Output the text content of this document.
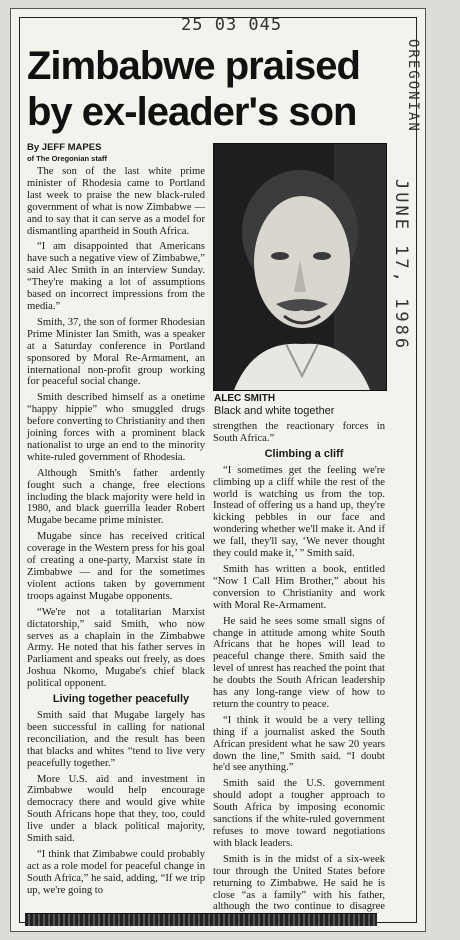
25 03 045
OREGONIAN
JUNE 17, 1986
Zimbabwe praised by ex-leader's son
By JEFF MAPES
of The Oregonian staff

The son of the last white prime minister of Rhodesia came to Portland last week to praise the new black-ruled government of what is now Zimbabwe — and to say that it can serve as a model for dismantling apartheid in South Africa.

“I am disappointed that Americans have such a negative view of Zimbabwe,” said Alec Smith in an interview Sunday. “They're making a lot of assumptions based on incorrect impressions from the media.”

Smith, 37, the son of former Rhodesian Prime Minister Ian Smith, was a speaker at a Saturday conference in Portland sponsored by Moral Re-Armament, an international non-profit group working for peaceful social change.

Smith described himself as a onetime “happy hippie” who smuggled drugs before converting to Christianity and then joining forces with a prominent black nationalist to urge an end to the minority white-ruled government of Rhodesia.

Although Smith's father ardently fought such a change, free elections including the black majority were held in 1980, and black guerrilla leader Robert Mugabe became prime minister.

Mugabe since has received critical coverage in the Western press for his goal of creating a one-party, Marxist state in Zimbabwe — and for the sometimes violent actions taken by government troops against Mugabe opponents.

“We're not a totalitarian Marxist dictatorship,” said Smith, who now serves as a chaplain in the Zimbabwe Army. He noted that his father serves in Parliament and speaks out freely, as does Joshua Nkomo, Mugabe's chief black political opponent.

Living together peacefully

Smith said that Mugabe largely has been successful in calling for national reconciliation, and the result has been that blacks and whites “tend to live very peacefully together.”

More U.S. aid and investment in Zimbabwe would help encourage democracy there and would give white South Africans hope that they, too, could live under a black political majority, Smith said.

“I think that Zimbabwe could probably act as a role model for peaceful change in South Africa,” he said, adding, “If we trip up, we're going to

ALEC SMITH
Black and white together

strengthen the reactionary forces in South Africa.”

Climbing a cliff

“I sometimes get the feeling we're climbing up a cliff while the rest of the world is watching us from the top. Instead of offering us a hand up, they're kicking pebbles in our face and wondering whether we'll make it. And if we fall, they'll say, ‘We never thought they could make it,’ ” Smith said.

Smith has written a book, entitled “Now I Call Him Brother,” about his conversion to Christianity and work with Moral Re-Armament.

He said he sees some small signs of change in attitude among white South Africans that he hopes will lead to peaceful change there. Smith said the level of unrest has reached the point that he doubts the South African leadership has any long-range view of how to return the country to peace.

“I think it would be a very telling thing if a journalist asked the South African president what he saw 20 years down the line,” Smith said. “I doubt he'd see anything.”

Smith said the U.S. government should adopt a tougher approach to South Africa by imposing economic sanctions if the white-ruled government refuses to move toward negotiations with black leaders.

Smith is in the midst of a six-week tour through the United States before returning to Zimbabwe. He said he is close “as a family” with his father, although the two continue to disagree
